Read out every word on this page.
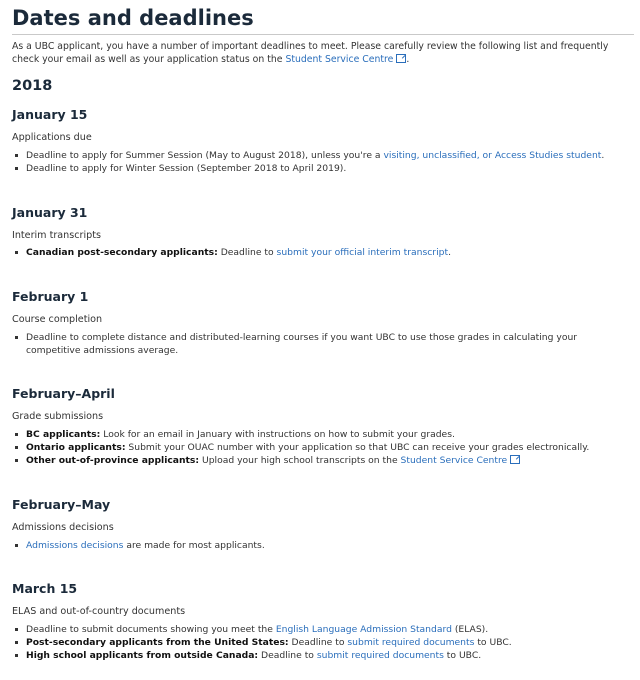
Dates and deadlines

As a UBC applicant, you have a number of important deadlines to meet. Please carefully review the following list and frequently check your email as well as your application status on the Student Service Centre .

2018
January 15

Applications due

Deadline to apply for Summer Session (May to August 2018), unless you're a visiting, unclassified, or Access Studies student.
Deadline to apply for Winter Session (September 2018 to April 2019).
January 31

Interim transcripts

Canadian post-secondary applicants: Deadline to submit your official interim transcript.
February 1

Course completion

Deadline to complete distance and distributed-learning courses if you want UBC to use those grades in calculating your competitive admissions average.
February–April

Grade submissions

BC applicants: Look for an email in January with instructions on how to submit your grades.
Ontario applicants: Submit your OUAC number with your application so that UBC can receive your grades electronically.
Other out-of-province applicants: Upload your high school transcripts on the Student Service Centre
February–May

Admissions decisions

Admissions decisions are made for most applicants.
March 15

ELAS and out-of-country documents

Deadline to submit documents showing you meet the English Language Admission Standard (ELAS).
Post-secondary applicants from the United States: Deadline to submit required documents to UBC.
High school applicants from outside Canada: Deadline to submit required documents to UBC.
